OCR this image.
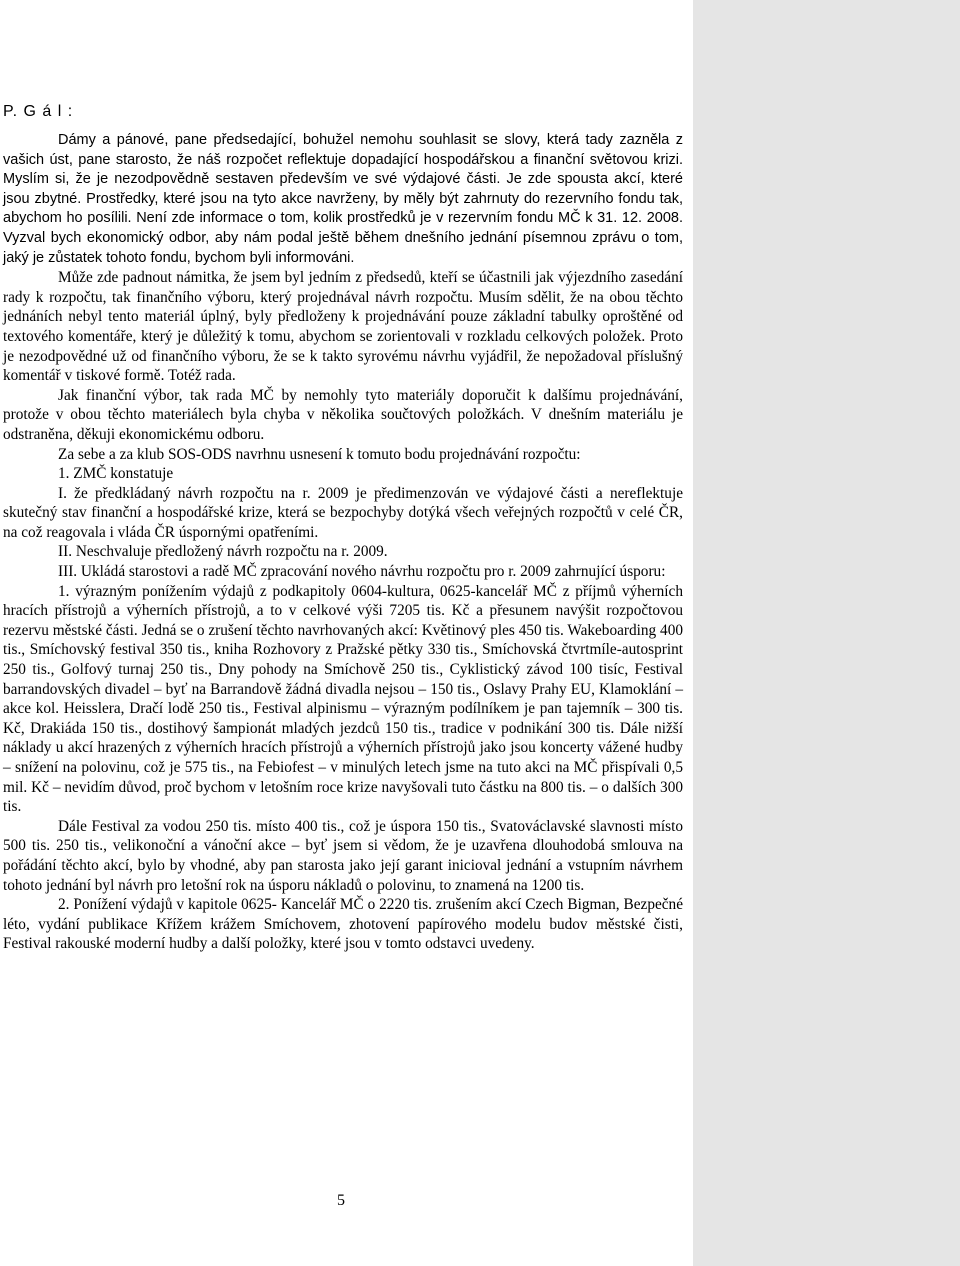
P. G á l :

Dámy a pánové, pane předsedající, bohužel nemohu souhlasit se slovy, která tady zazněla z vašich úst, pane starosto, že náš rozpočet reflektuje dopadající hospodářskou a finanční světovou krizi. Myslím si, že je nezodpovědně sestaven především ve své výdajové části. Je zde spousta akcí, které jsou zbytné. Prostředky, které jsou na tyto akce navrženy, by měly být zahrnuty do rezervního fondu tak, abychom ho posílili. Není zde informace o tom, kolik prostředků je v rezervním fondu MČ k 31. 12. 2008. Vyzval bych ekonomický odbor, aby nám podal ještě během dnešního jednání písemnou zprávu o tom, jaký je zůstatek tohoto fondu, bychom byli informováni.

Může zde padnout námitka, že jsem byl jedním z předsedů, kteří se účastnili jak výjezdního zasedání rady k rozpočtu, tak finančního výboru, který projednával návrh rozpočtu. Musím sdělit, že na obou těchto jednáních nebyl tento materiál úplný, byly předloženy k projednávání pouze základní tabulky oproštěné od textového komentáře, který je důležitý k tomu, abychom se zorientovali v rozkladu celkových položek. Proto je nezodpovědné už od finančního výboru, že se k takto syrovému návrhu vyjádřil, že nepožadoval příslušný komentář v tiskové formě. Totéž rada.

Jak finanční výbor, tak rada MČ by nemohly tyto materiály doporučit k dalšímu projednávání, protože v obou těchto materiálech byla chyba v několika součtových položkách. V dnešním materiálu je odstraněna, děkuji ekonomickému odboru.

Za sebe a za klub SOS-ODS navrhnu usnesení k tomuto bodu projednávání rozpočtu:

1. ZMČ konstatuje

I. že předkládaný návrh rozpočtu na r. 2009 je předimenzován ve výdajové části a nereflektuje skutečný stav finanční a hospodářské krize, která se bezpochyby dotýká všech veřejných rozpočtů v celé ČR, na což reagovala i vláda ČR úspornými opatřeními.

II. Neschvaluje předložený návrh rozpočtu na r. 2009.

III. Ukládá starostovi a radě MČ zpracování nového návrhu rozpočtu pro r. 2009 zahrnující úsporu:

1. výrazným ponížením výdajů z podkapitoly 0604-kultura, 0625-kancelář MČ z příjmů výherních hracích přístrojů a výherních přístrojů, a to v celkové výši 7205 tis. Kč a přesunem navýšit rozpočtovou rezervu městské části. Jedná se o zrušení těchto navrhovaných akcí: Květinový ples 450 tis. Wakeboarding 400 tis., Smíchovský festival 350 tis., kniha Rozhovory z Pražské pětky 330 tis., Smíchovská čtvrtmíle-autosprint 250 tis., Golfový turnaj 250 tis., Dny pohody na Smíchově 250 tis., Cyklistický závod 100 tisíc, Festival barrandovských divadel – byť na Barrandově žádná divadla nejsou – 150 tis., Oslavy Prahy EU, Klamoklání – akce kol. Heisslera, Dračí lodě 250 tis., Festival alpinismu – výrazným podílníkem je pan tajemník – 300 tis. Kč, Drakiáda 150 tis., dostihový šampionát mladých jezdců 150 tis., tradice v podnikání 300 tis. Dále nižší náklady u akcí hrazených z výherních hracích přístrojů a výherních přístrojů jako jsou koncerty vážené hudby – snížení na polovinu, což je 575 tis., na Febiofest – v minulých letech jsme na tuto akci na MČ přispívali 0,5 mil. Kč – nevidím důvod, proč bychom v letošním roce krize navyšovali tuto částku na 800 tis. – o dalších 300 tis.

Dále Festival za vodou 250 tis. místo 400 tis., což je úspora 150 tis., Svatováclavské slavnosti místo 500 tis. 250 tis., velikonoční a vánoční akce – byť jsem si vědom, že je uzavřena dlouhodobá smlouva na pořádání těchto akcí, bylo by vhodné, aby pan starosta jako její garant inicioval jednání a vstupním návrhem tohoto jednání byl návrh pro letošní rok na úsporu nákladů o polovinu, to znamená na 1200 tis.

2. Ponížení výdajů v kapitole 0625- Kancelář MČ o 2220 tis. zrušením akcí Czech Bigman, Bezpečné léto, vydání publikace Křížem krážem Smíchovem, zhotovení papírového modelu budov městské čisti, Festival rakouské moderní hudby a další položky, které jsou v tomto odstavci uvedeny.

5
